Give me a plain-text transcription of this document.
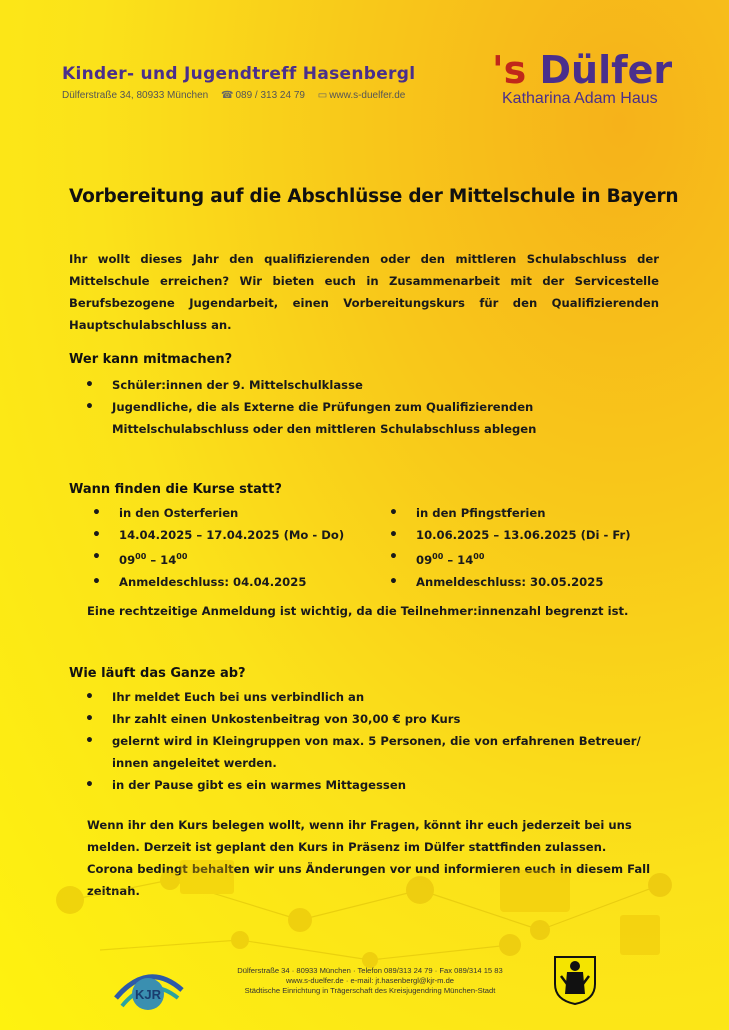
Kinder- und Jugendtreff Hasenbergl
Dülferstraße 34, 80933 München ☎ 089 / 313 24 79 ▭ www.s-duelfer.de
's Dülfer
Katharina Adam Haus
Vorbereitung auf die Abschlüsse der Mittelschule in Bayern
Ihr wollt dieses Jahr den qualifizierenden oder den mittleren Schulabschluss der Mittelschule erreichen? Wir bieten euch in Zusammenarbeit mit der Servicestelle Berufsbezogene Jugendarbeit, einen Vorbereitungskurs für den Qualifizierenden Hauptschulabschluss an.
Wer kann mitmachen?
• Schüler:innen der 9. Mittelschulklasse
• Jugendliche, die als Externe die Prüfungen zum Qualifizierenden Mittelschulabschluss oder den mittleren Schulabschluss ablegen
Wann finden die Kurse statt?
• in den Osterferien
• 14.04.2025 – 17.04.2025 (Mo - Do)
• $09^{00} - 14^{00}$
• Anmeldeschluss: 04.04.2025
• in den Pfingstferien
• 10.06.2025 – 13.06.2025 (Di - Fr)
• $09^{00} - 14^{00}$
• Anmeldeschluss: 30.05.2025
Eine rechtzeitige Anmeldung ist wichtig, da die Teilnehmer:innenzahl begrenzt ist.
Wie läuft das Ganze ab?
• Ihr meldet Euch bei uns verbindlich an
• Ihr zahlt einen Unkostenbeitrag von 30,00 € pro Kurs
• gelernt wird in Kleingruppen von max. 5 Personen, die von erfahrenen Betreuer/ innen angeleitet werden.
• in der Pause gibt es ein warmes Mittagessen
Wenn ihr den Kurs belegen wollt, wenn ihr Fragen, könnt ihr euch jederzeit bei uns melden. Derzeit ist geplant den Kurs in Präsenz im Dülfer stattfinden zulassen. Corona bedingt behalten wir uns Änderungen vor und informieren euch in diesem Fall zeitnah.
KJR
Dülferstraße 34 · 80933 München · Telefon 089/313 24 79 · Fax 089/314 15 83
www.s-duelfer.de · e-mail: jt.hasenbergl@kjr-m.de
Städtische Einrichtung in Trägerschaft des Kreisjugendring München-Stadt
